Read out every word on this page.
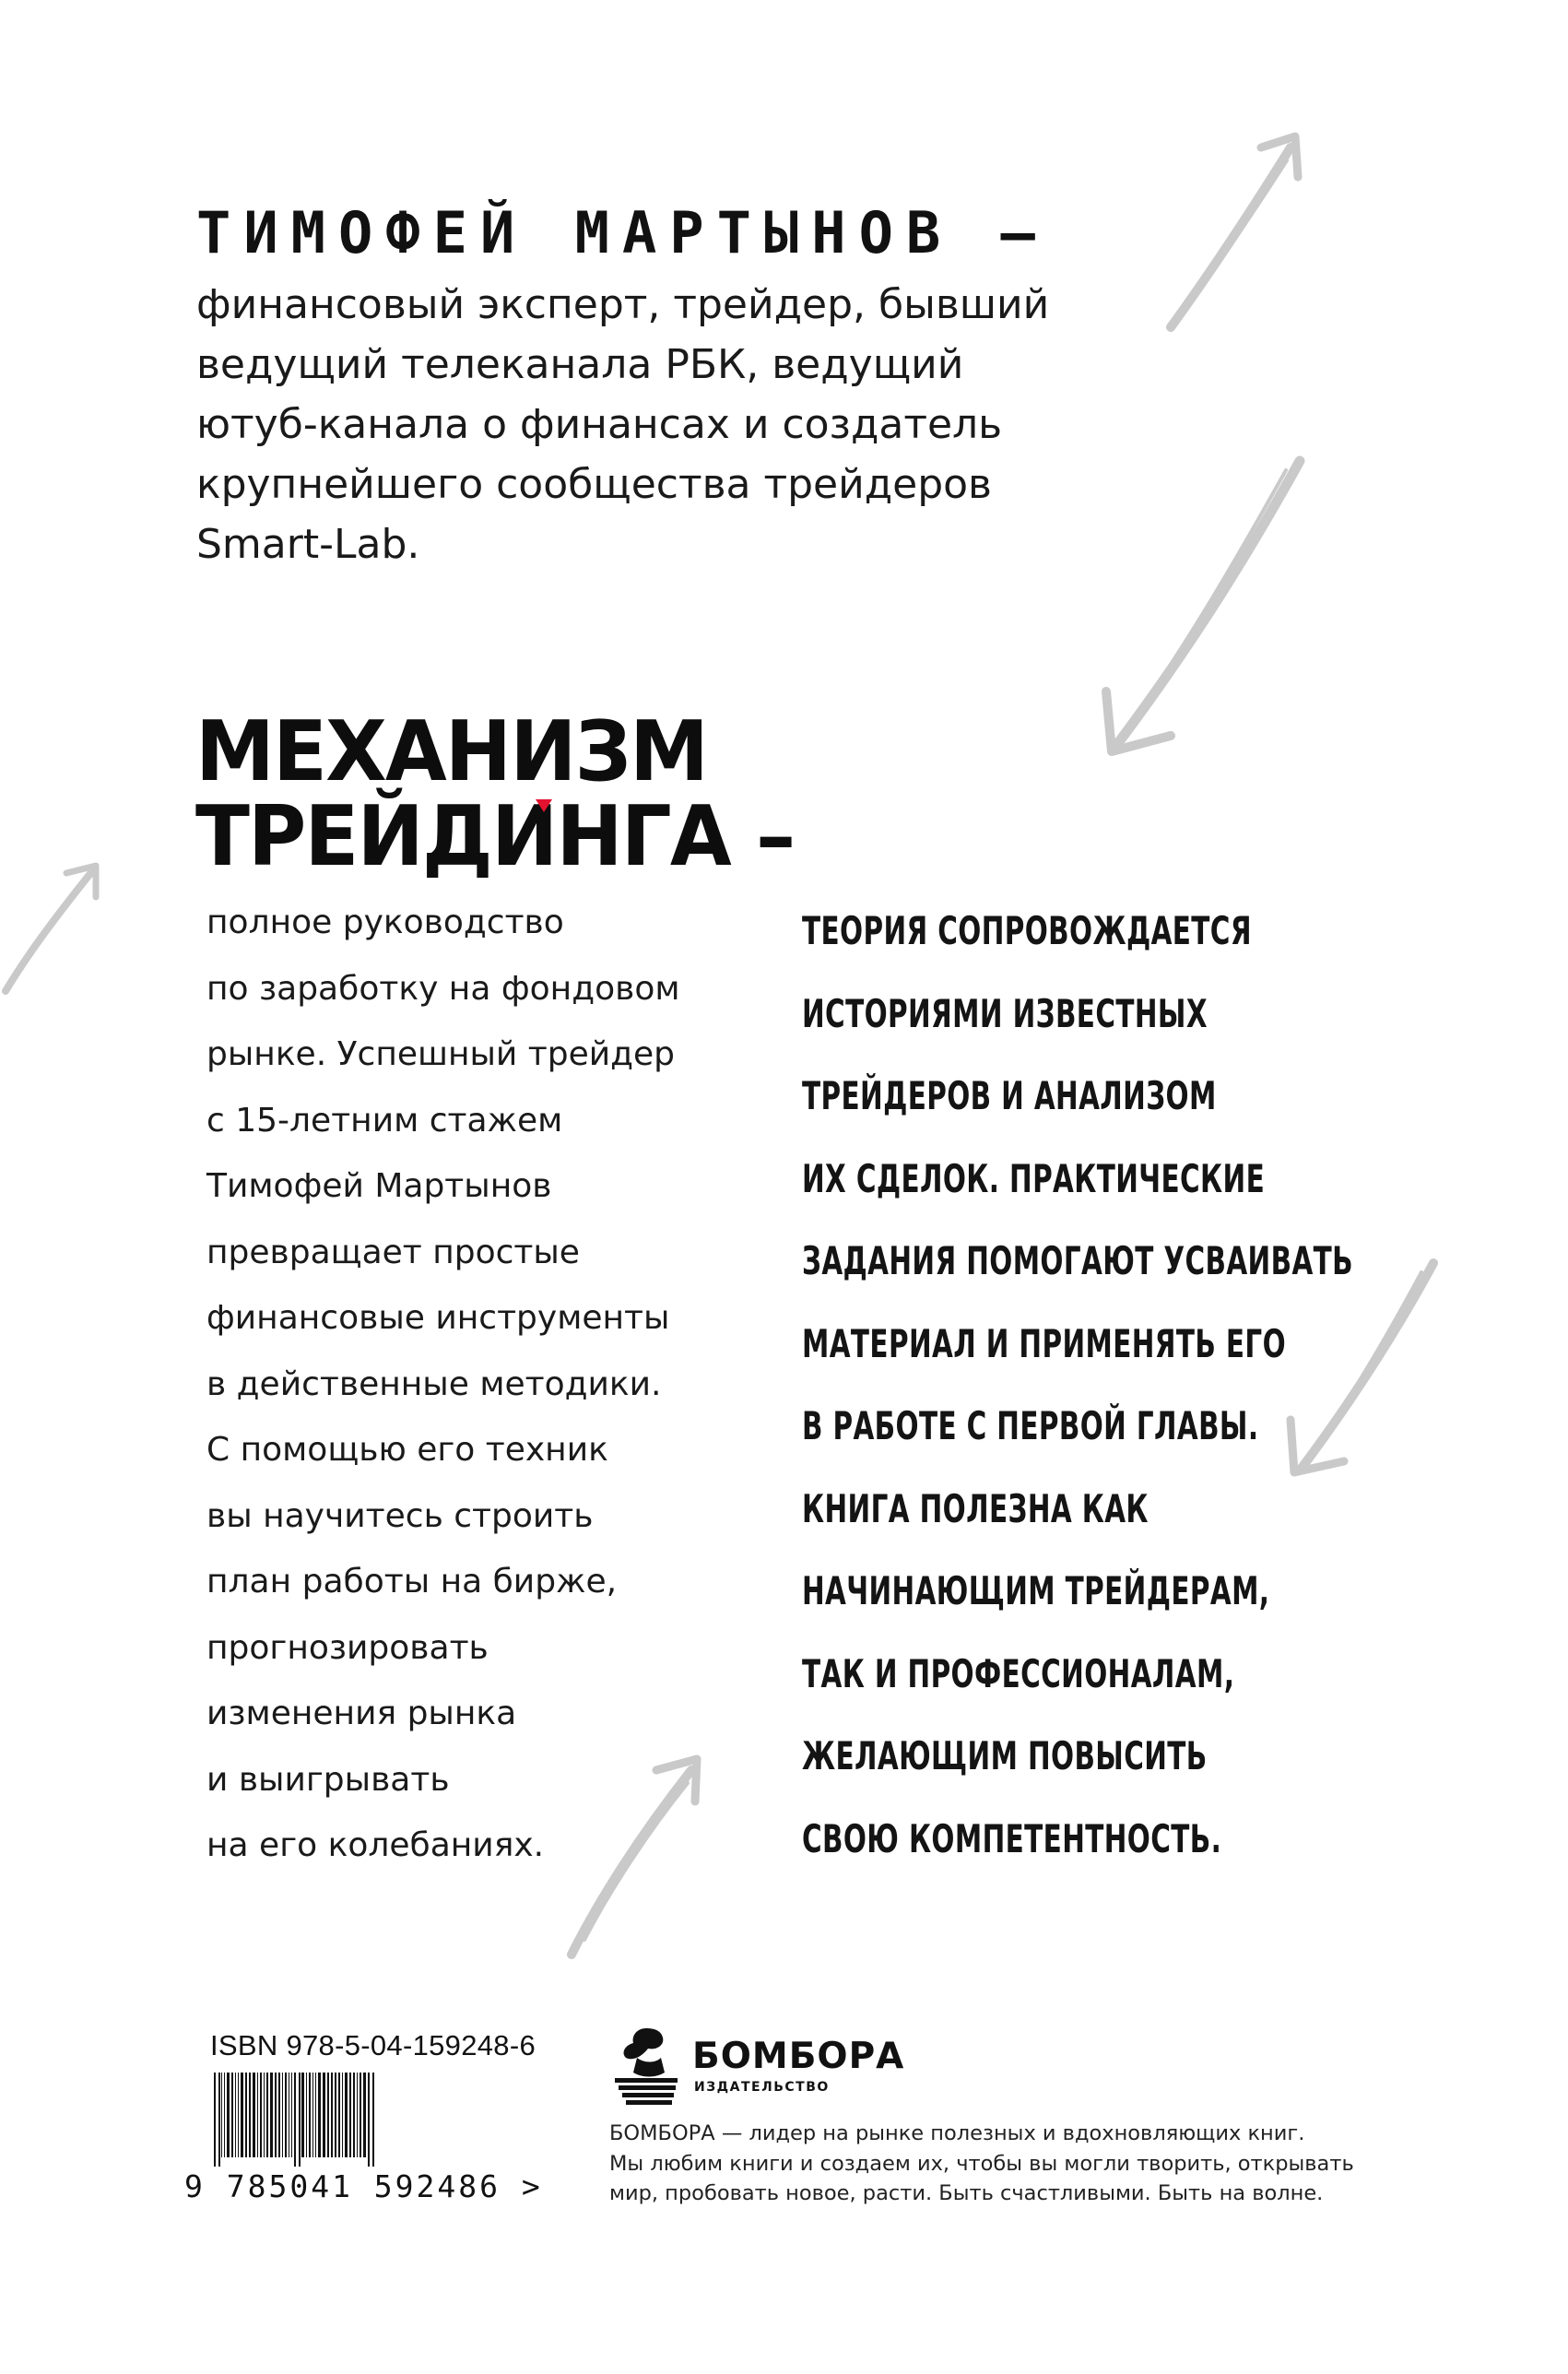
ТИМОФЕЙ МАРТЫНОВ –
финансовый эксперт, трейдер, бывший
ведущий телеканала РБК, ведущий
ютуб-канала о финансах и создатель
крупнейшего сообщества трейдеров
Smart-Lab.
МЕХАНИЗМ
ТРЕЙДИНГА –
полное руководство
по заработку на фондовом
рынке. Успешный трейдер
с 15-летним стажем
Тимофей Мартынов
превращает простые
финансовые инструменты
в действенные методики.
С помощью его техник
вы научитесь строить
план работы на бирже,
прогнозировать
изменения рынка
и выигрывать
на его колебаниях.
ТЕОРИЯ СОПРОВОЖДАЕТСЯ
ИСТОРИЯМИ ИЗВЕСТНЫХ
ТРЕЙДЕРОВ И АНАЛИЗОМ
ИХ СДЕЛОК. ПРАКТИЧЕСКИЕ
ЗАДАНИЯ ПОМОГАЮТ УСВАИВАТЬ
МАТЕРИАЛ И ПРИМЕНЯТЬ ЕГО
В РАБОТЕ С ПЕРВОЙ ГЛАВЫ.
КНИГА ПОЛЕЗНА КАК
НАЧИНАЮЩИМ ТРЕЙДЕРАМ,
ТАК И ПРОФЕССИОНАЛАМ,
ЖЕЛАЮЩИМ ПОВЫСИТЬ
СВОЮ КОМПЕТЕНТНОСТЬ.
ISBN 978-5-04-159248-6
9 785041 592486 >
БОМБОРА
ИЗДАТЕЛЬСТВО
БОМБОРА — лидер на рынке полезных и вдохновляющих книг.
Мы любим книги и создаем их, чтобы вы могли творить, открывать
мир, пробовать новое, расти. Быть счастливыми. Быть на волне.
